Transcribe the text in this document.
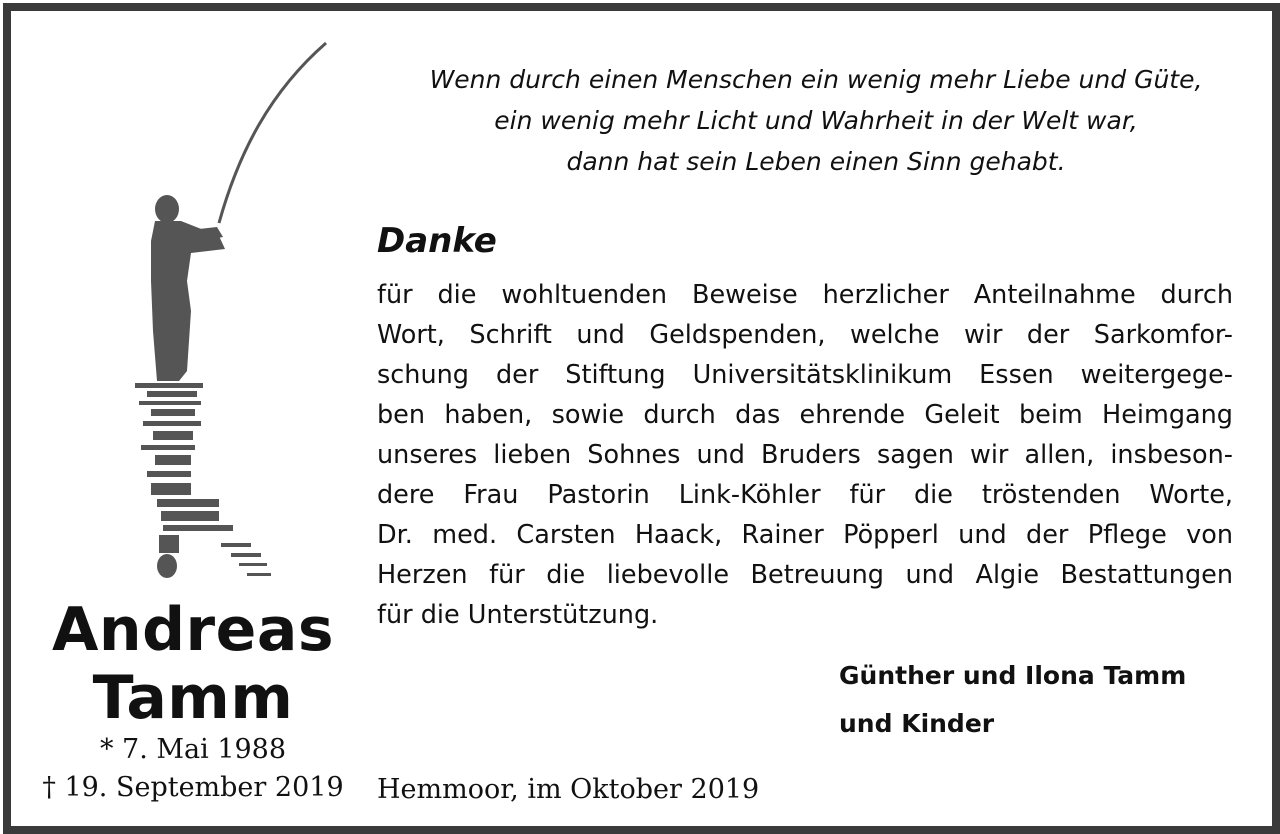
Andreas
Tamm
* 7. Mai 1988
† 19. September 2019
Wenn durch einen Menschen ein wenig mehr Liebe und Güte,
ein wenig mehr Licht und Wahrheit in der Welt war,
dann hat sein Leben einen Sinn gehabt.
Danke
für die wohltuenden Beweise herzlicher Anteilnahme durch
Wort, Schrift und Geldspenden, welche wir der Sarkomfor-
schung der Stiftung Universitätsklinikum Essen weitergege-
ben haben, sowie durch das ehrende Geleit beim Heimgang
unseres lieben Sohnes und Bruders sagen wir allen, insbeson-
dere Frau Pastorin Link-Köhler für die tröstenden Worte,
Dr. med. Carsten Haack, Rainer Pöpperl und der Pflege von
Herzen für die liebevolle Betreuung und Algie Bestattungen
für die Unterstützung.
Günther und Ilona Tamm
und Kinder
Hemmoor, im Oktober 2019
